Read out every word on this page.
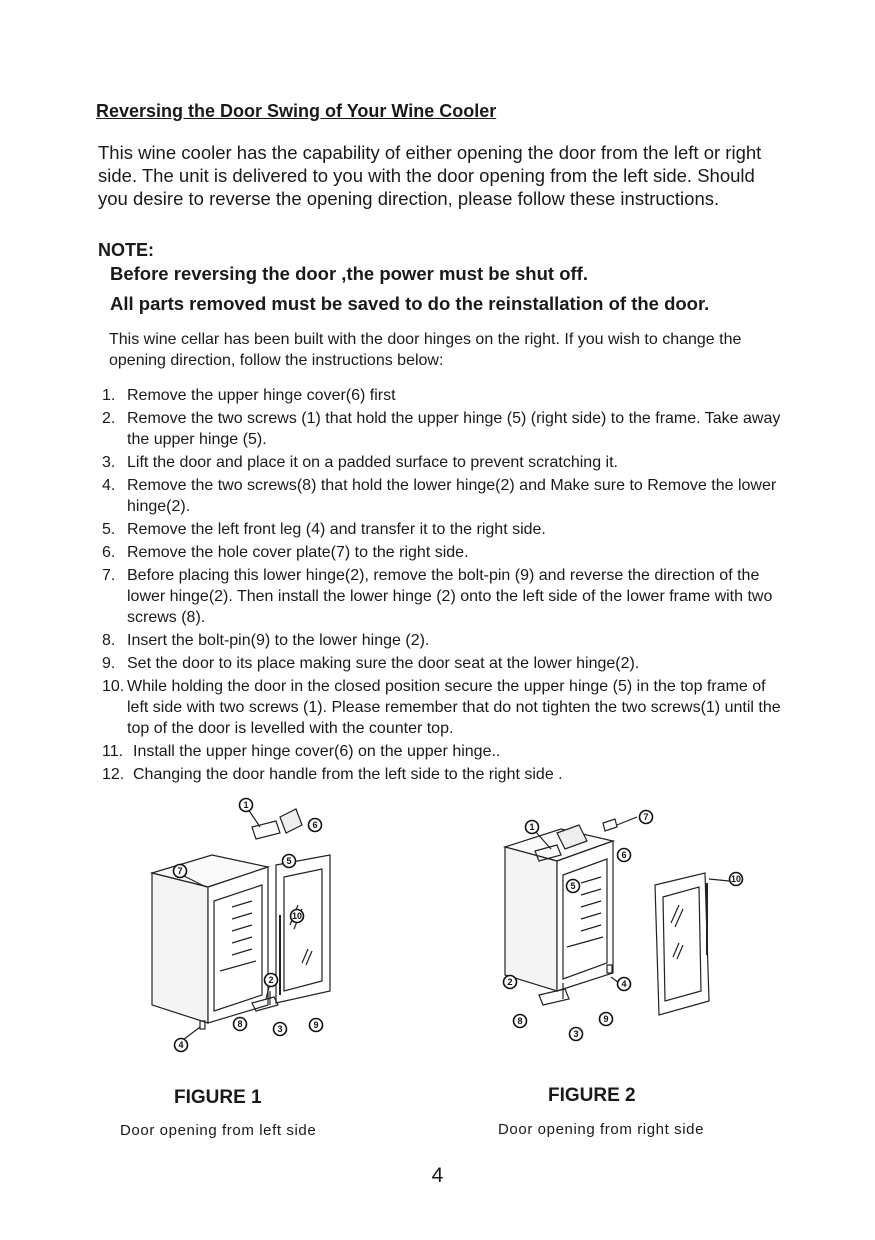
Reversing the Door Swing of Your Wine Cooler
This wine cooler has the capability of either opening the door from the left or right side. The unit is delivered to you with the door opening from the left side. Should you desire to reverse the opening direction, please follow these instructions.
NOTE:
Before reversing the door ,the power must be shut off.
All parts removed must be saved to do the reinstallation of the door.
This wine cellar has been built with the door hinges on the right. If you wish to change the opening direction, follow the instructions below:
1. Remove the upper hinge cover(6) first
2. Remove the two screws (1) that hold the upper hinge (5) (right side) to the frame. Take away the upper hinge (5).
3. Lift the door and place it on a padded surface to prevent scratching it.
4. Remove the two screws(8) that hold the lower hinge(2) and Make sure to Remove the lower hinge(2).
5. Remove the left front leg (4) and transfer it to the right side.
6. Remove the hole cover plate(7) to the right side.
7. Before placing this lower hinge(2), remove the bolt-pin (9) and reverse the direction of the lower hinge(2). Then install the lower hinge (2) onto the left side of the lower frame with two screws (8).
8. Insert the bolt-pin(9) to the lower hinge (2).
9. Set the door to its place making sure the door seat at the lower hinge(2).
10. While holding the door in the closed position secure the upper hinge (5) in the top frame of left side with two screws (1). Please remember that do not tighten the two screws(1) until the top of the door is levelled with the counter top.
11. Install the upper hinge cover(6) on the upper hinge..
12. Changing the door handle from the left side to the right side .
1
6
5
7
10
2
8	3	9
4
7
1
6
5
10
2	4
9
8
3
FIGURE 1
Door opening from left side
FIGURE 2
Door opening from right side
4
